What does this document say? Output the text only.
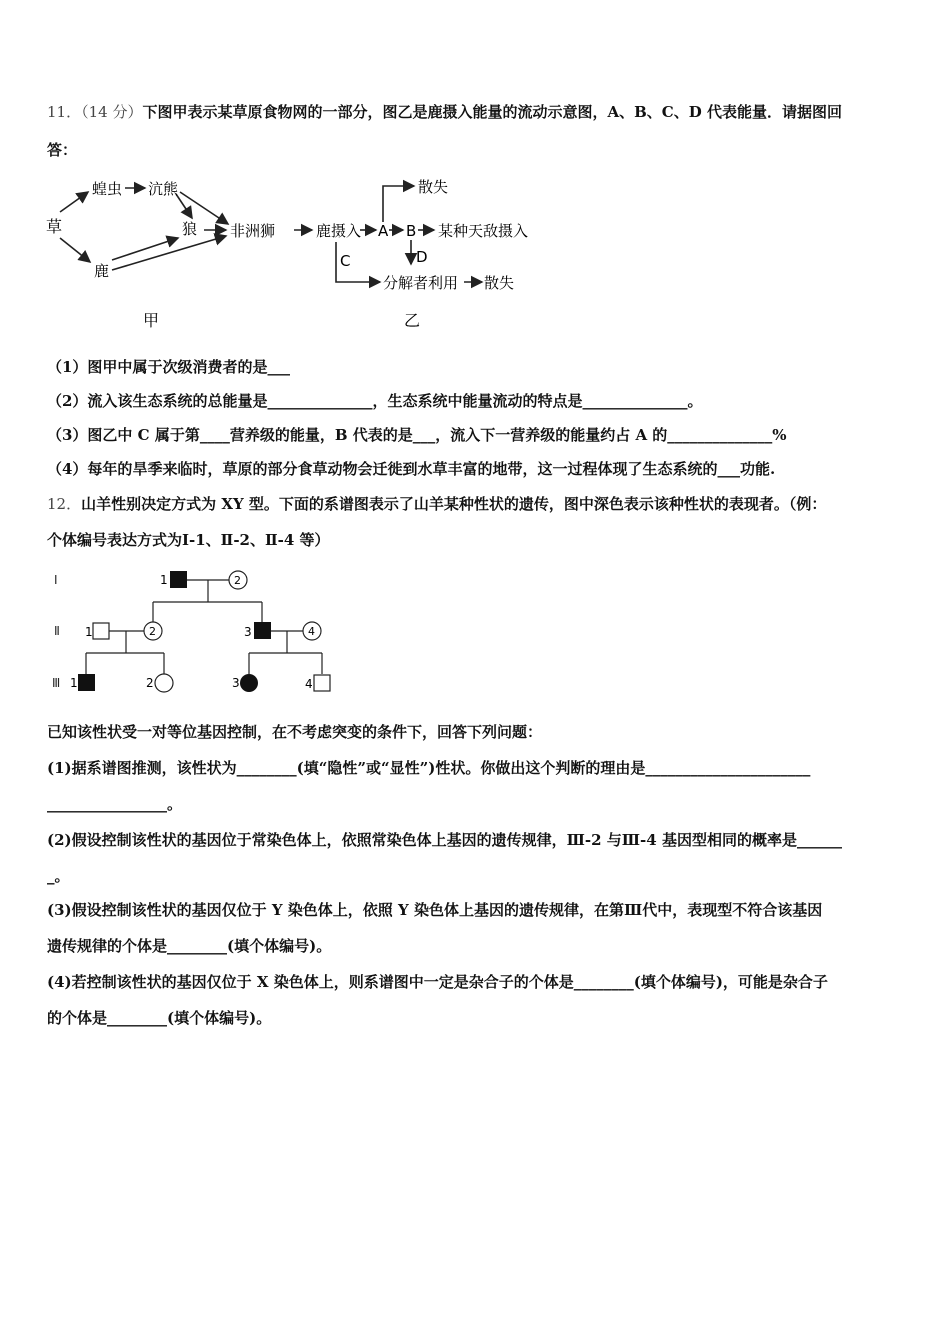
11．（14 分）下图甲表示某草原食物网的一部分，图乙是鹿摄入能量的流动示意图，A、B、C、D 代表能量．请据图回
答：
草
蝗虫 沆熊
狼 非洲狮
鹿
甲
鹿摄入 A B 某种天敌摄入
散失
D
C
分解者利用 散失
乙
（1）图甲中属于次级消费者的是___
（2）流入该生态系统的总能量是______________，生态系统中能量流动的特点是______________。
（3）图乙中 C 属于第____营养级的能量，B 代表的是___，流入下一营养级的能量约占 A 的______________%
（4）每年的旱季来临时，草原的部分食草动物会迁徙到水草丰富的地带，这一过程体现了生态系统的___功能.
12．山羊性别决定方式为 XY 型。下面的系谱图表示了山羊某种性状的遗传，图中深色表示该种性状的表现者。（例：
个体编号表达方式为Ⅰ-1、Ⅱ-2、Ⅱ-4 等）
Ⅰ
Ⅱ
Ⅲ
1	2
1	2	3	4
1	2	3	4
已知该性状受一对等位基因控制，在不考虑突变的条件下，回答下列问题：
(1)据系谱图推测，该性状为________(填“隐性”或“显性”)性状。你做出这个判断的理由是______________________
________________。
(2)假设控制该性状的基因位于常染色体上，依照常染色体上基因的遗传规律，Ⅲ-2 与Ⅲ-4 基因型相同的概率是______
_。
(3)假设控制该性状的基因仅位于 Y 染色体上，依照 Y 染色体上基因的遗传规律，在第Ⅲ代中，表现型不符合该基因
遗传规律的个体是________(填个体编号)。
(4)若控制该性状的基因仅位于 X 染色体上，则系谱图中一定是杂合子的个体是________(填个体编号)，可能是杂合子
的个体是________(填个体编号)。
